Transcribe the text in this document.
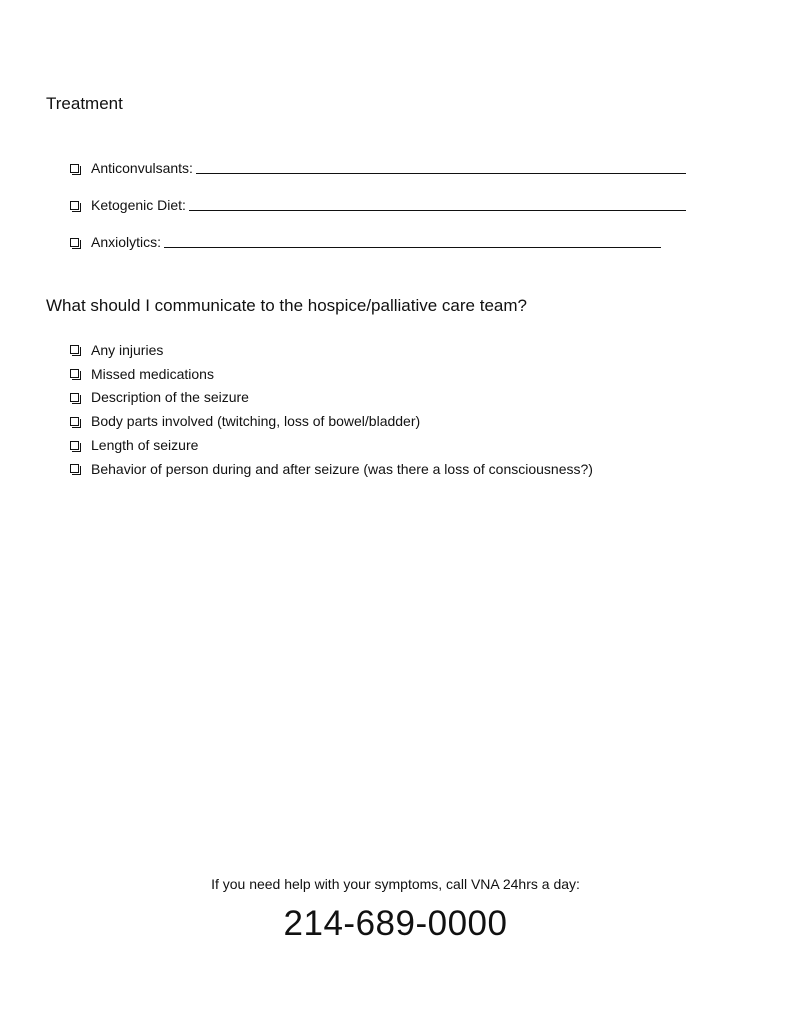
Treatment
Anticonvulsants:
Ketogenic Diet:
Anxiolytics:
What should I communicate to the hospice/palliative care team?
Any injuries
Missed medications
Description of the seizure
Body parts involved (twitching, loss of bowel/bladder)
Length of seizure
Behavior of person during and after seizure (was there a loss of consciousness?)
If you need help with your symptoms, call VNA 24hrs a day:
214-689-0000
